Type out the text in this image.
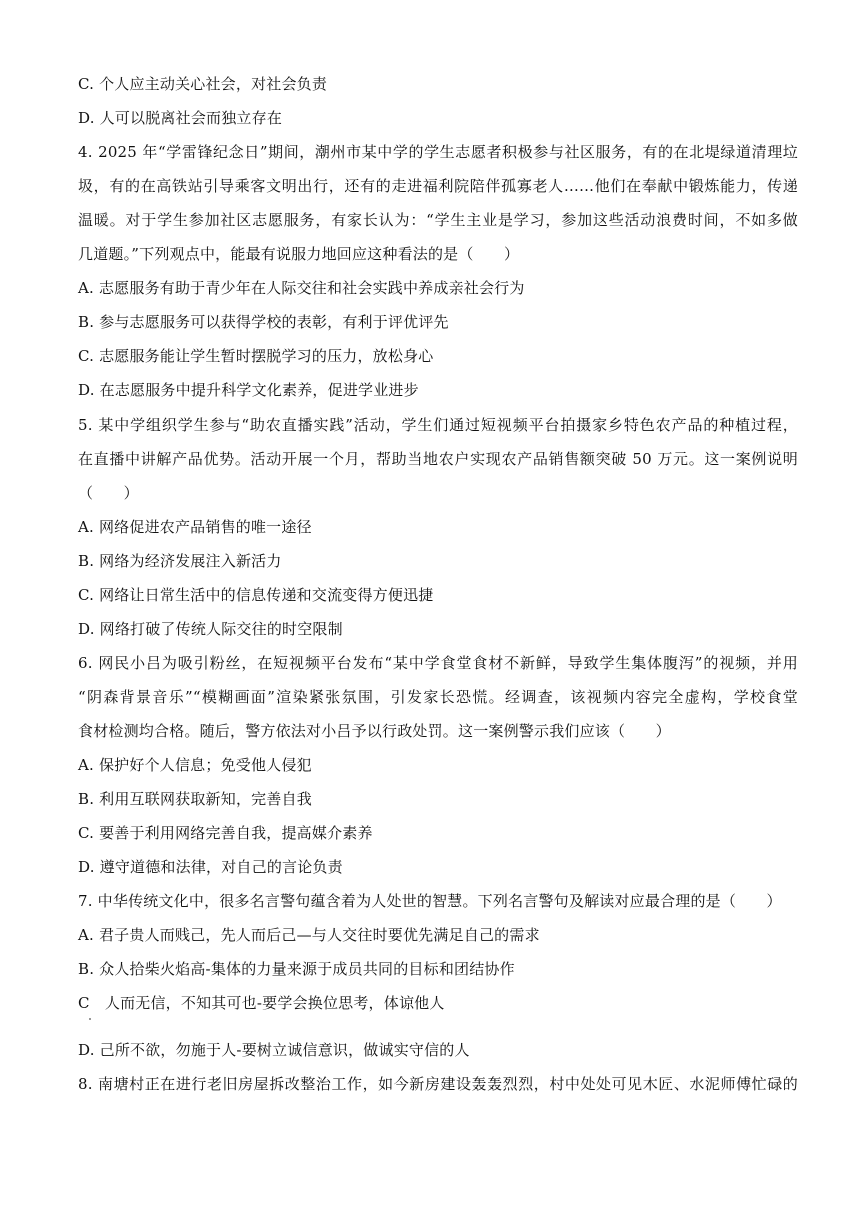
C. 个人应主动关心社会，对社会负责
D. 人可以脱离社会而独立存在
4. 2025 年“学雷锋纪念日”期间，潮州市某中学的学生志愿者积极参与社区服务，有的在北堤绿道清理垃
圾，有的在高铁站引导乘客文明出行，还有的走进福利院陪伴孤寡老人……他们在奉献中锻炼能力，传递
温暖。对于学生参加社区志愿服务，有家长认为：“学生主业是学习，参加这些活动浪费时间，不如多做
几道题。”下列观点中，能最有说服力地回应这种看法的是（　　）
A. 志愿服务有助于青少年在人际交往和社会实践中养成亲社会行为
B. 参与志愿服务可以获得学校的表彰，有利于评优评先
C. 志愿服务能让学生暂时摆脱学习的压力，放松身心
D. 在志愿服务中提升科学文化素养，促进学业进步
5. 某中学组织学生参与“助农直播实践”活动，学生们通过短视频平台拍摄家乡特色农产品的种植过程，
在直播中讲解产品优势。活动开展一个月，帮助当地农户实现农产品销售额突破 50 万元。这一案例说明
（　　）
A. 网络促进农产品销售的唯一途径
B. 网络为经济发展注入新活力
C. 网络让日常生活中的信息传递和交流变得方便迅捷
D. 网络打破了传统人际交往的时空限制
6. 网民小吕为吸引粉丝，在短视频平台发布“某中学食堂食材不新鲜，导致学生集体腹泻”的视频，并用
“阴森背景音乐”“模糊画面”渲染紧张氛围，引发家长恐慌。经调查，该视频内容完全虚构，学校食堂
食材检测均合格。随后，警方依法对小吕予以行政处罚。这一案例警示我们应该（　　）
A. 保护好个人信息；免受他人侵犯
B. 利用互联网获取新知，完善自我
C. 要善于利用网络完善自我，提高媒介素养
D. 遵守道德和法律，对自己的言论负责
7. 中华传统文化中，很多名言警句蕴含着为人处世的智慧。下列名言警句及解读对应最合理的是（　　）
A. 君子贵人而贱己，先人而后己—与人交往时要优先满足自己的需求
B. 众人拾柴火焰高-集体的力量来源于成员共同的目标和团结协作
C　人而无信，不知其可也-要学会换位思考，体谅他人
D. 己所不欲，勿施于人-要树立诚信意识，做诚实守信的人
8. 南塘村正在进行老旧房屋拆改整治工作，如今新房建设轰轰烈烈，村中处处可见木匠、水泥师傅忙碌的
